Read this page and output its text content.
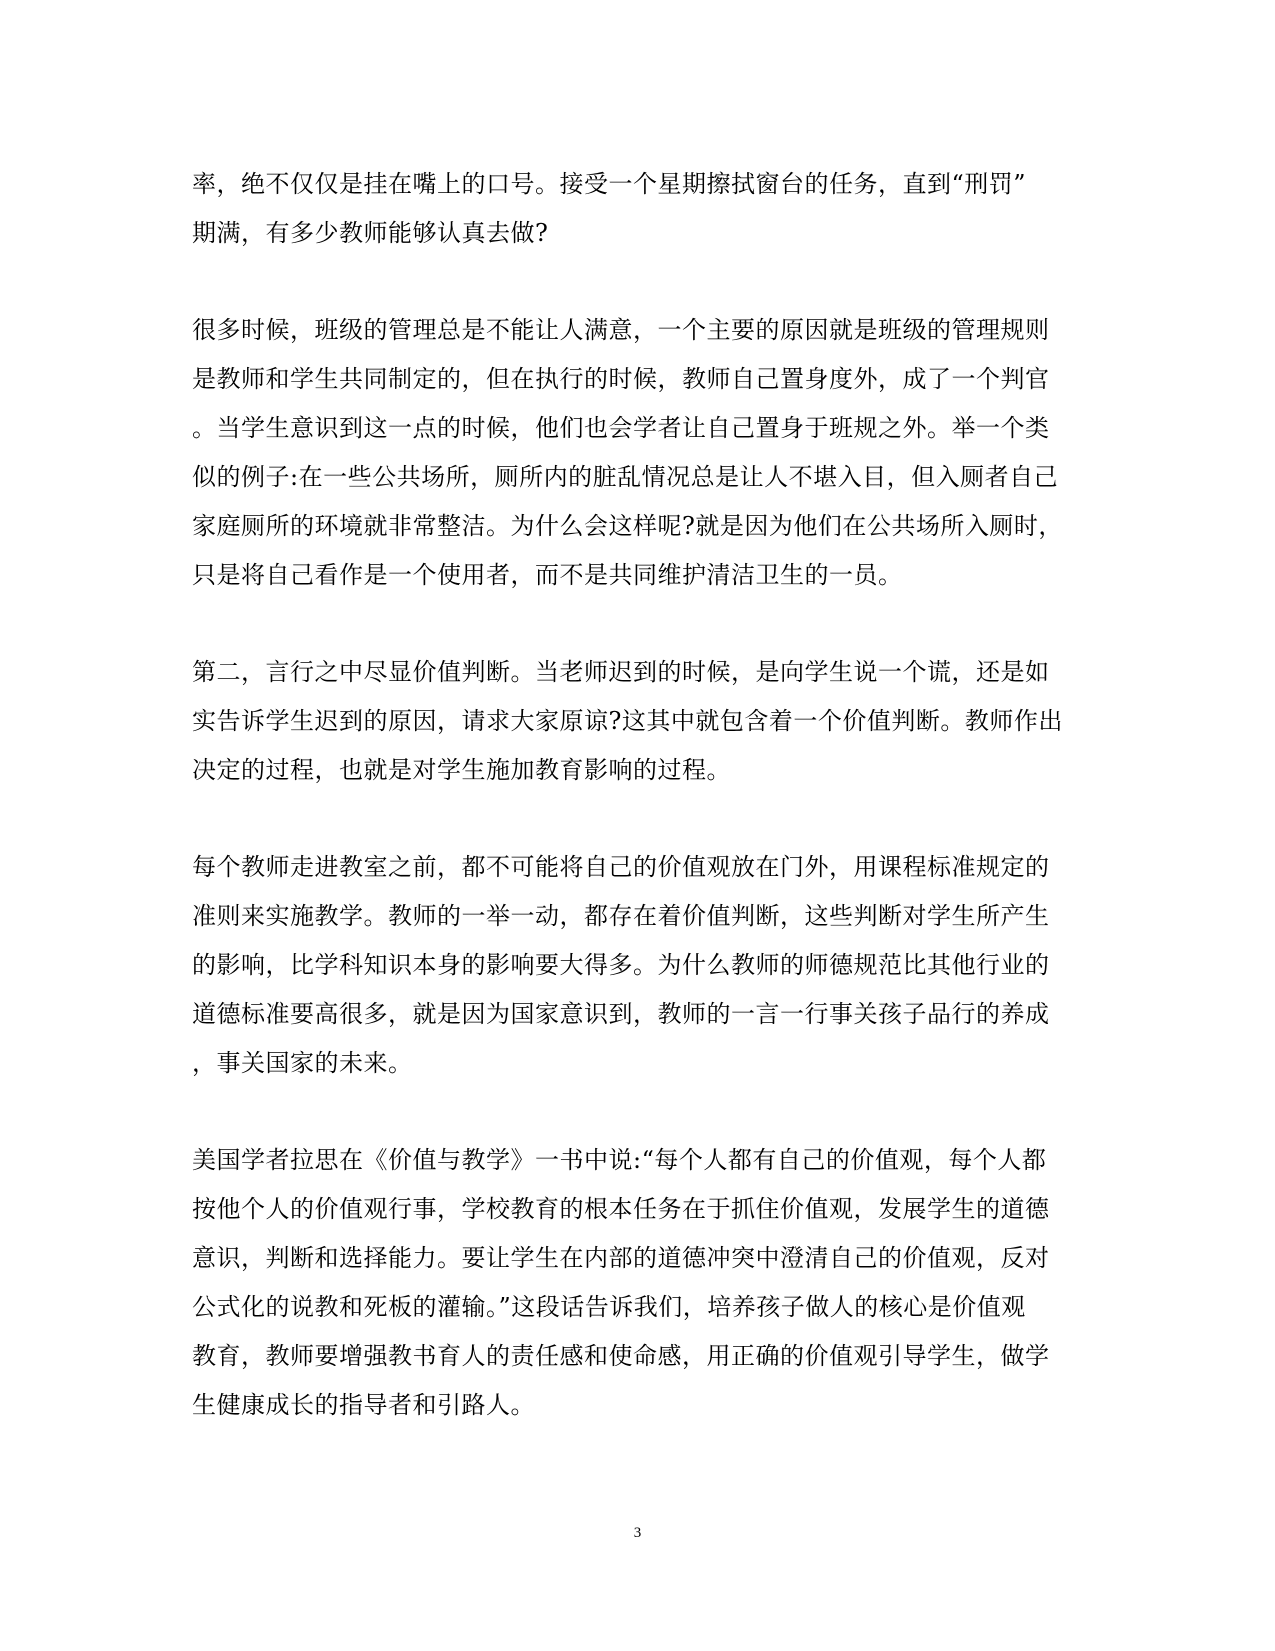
率，绝不仅仅是挂在嘴上的口号。接受一个星期擦拭窗台的任务，直到“刑罚”
期满，有多少教师能够认真去做?
很多时候，班级的管理总是不能让人满意，一个主要的原因就是班级的管理规则
是教师和学生共同制定的，但在执行的时候，教师自己置身度外，成了一个判官
。当学生意识到这一点的时候，他们也会学者让自己置身于班规之外。举一个类
似的例子:在一些公共场所，厕所内的脏乱情况总是让人不堪入目，但入厕者自己
家庭厕所的环境就非常整洁。为什么会这样呢?就是因为他们在公共场所入厕时，
只是将自己看作是一个使用者，而不是共同维护清洁卫生的一员。
第二，言行之中尽显价值判断。当老师迟到的时候，是向学生说一个谎，还是如
实告诉学生迟到的原因，请求大家原谅?这其中就包含着一个价值判断。教师作出
决定的过程，也就是对学生施加教育影响的过程。
每个教师走进教室之前，都不可能将自己的价值观放在门外，用课程标准规定的
准则来实施教学。教师的一举一动，都存在着价值判断，这些判断对学生所产生
的影响，比学科知识本身的影响要大得多。为什么教师的师德规范比其他行业的
道德标准要高很多，就是因为国家意识到，教师的一言一行事关孩子品行的养成
，事关国家的未来。
美国学者拉思在《价值与教学》一书中说:“每个人都有自己的价值观，每个人都
按他个人的价值观行事，学校教育的根本任务在于抓住价值观，发展学生的道德
意识，判断和选择能力。要让学生在内部的道德冲突中澄清自己的价值观，反对
公式化的说教和死板的灌输。”这段话告诉我们，培养孩子做人的核心是价值观
教育，教师要增强教书育人的责任感和使命感，用正确的价值观引导学生，做学
生健康成长的指导者和引路人。
3
